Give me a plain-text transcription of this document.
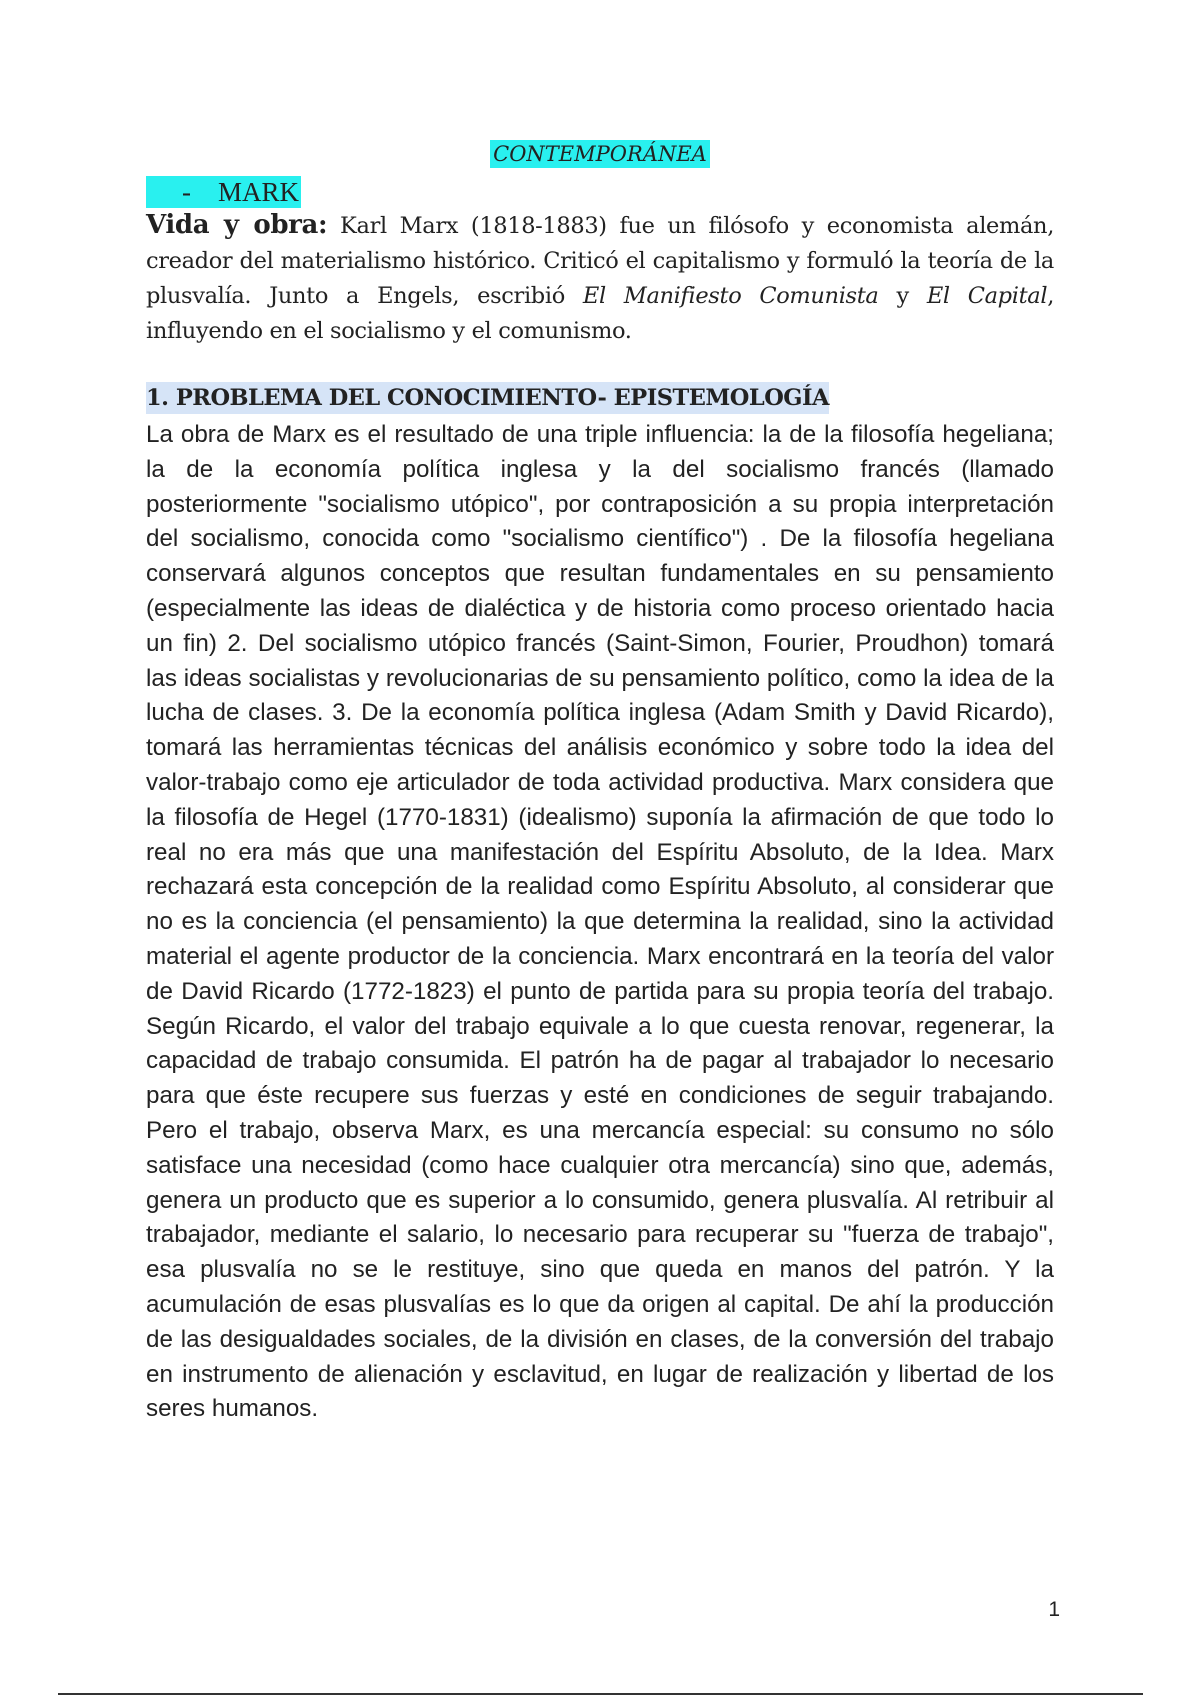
CONTEMPORÁNEA
- MARK

Vida y obra: Karl Marx (1818-1883) fue un filósofo y economista alemán, creador del materialismo histórico. Criticó el capitalismo y formuló la teoría de la plusvalía. Junto a Engels, escribió El Manifiesto Comunista y El Capital, influyendo en el socialismo y el comunismo.

1. PROBLEMA DEL CONOCIMIENTO- EPISTEMOLOGÍA

La obra de Marx es el resultado de una triple influencia: la de la filosofía hegeliana; la de la economía política inglesa y la del socialismo francés (llamado posteriormente "socialismo utópico", por contraposición a su propia interpretación del socialismo, conocida como "socialismo científico") . De la filosofía hegeliana conservará algunos conceptos que resultan fundamentales en su pensamiento (especialmente las ideas de dialéctica y de historia como proceso orientado hacia un fin) 2. Del socialismo utópico francés (Saint-Simon, Fourier, Proudhon) tomará las ideas socialistas y revolucionarias de su pensamiento político, como la idea de la lucha de clases. 3. De la economía política inglesa (Adam Smith y David Ricardo), tomará las herramientas técnicas del análisis económico y sobre todo la idea del valor-trabajo como eje articulador de toda actividad productiva. Marx considera que la filosofía de Hegel (1770-1831) (idealismo) suponía la afirmación de que todo lo real no era más que una manifestación del Espíritu Absoluto, de la Idea. Marx rechazará esta concepción de la realidad como Espíritu Absoluto, al considerar que no es la conciencia (el pensamiento) la que determina la realidad, sino la actividad material el agente productor de la conciencia. Marx encontrará en la teoría del valor de David Ricardo (1772-1823) el punto de partida para su propia teoría del trabajo. Según Ricardo, el valor del trabajo equivale a lo que cuesta renovar, regenerar, la capacidad de trabajo consumida. El patrón ha de pagar al trabajador lo necesario para que éste recupere sus fuerzas y esté en condiciones de seguir trabajando. Pero el trabajo, observa Marx, es una mercancía especial: su consumo no sólo satisface una necesidad (como hace cualquier otra mercancía) sino que, además, genera un producto que es superior a lo consumido, genera plusvalía. Al retribuir al trabajador, mediante el salario, lo necesario para recuperar su "fuerza de trabajo", esa plusvalía no se le restituye, sino que queda en manos del patrón. Y la acumulación de esas plusvalías es lo que da origen al capital. De ahí la producción de las desigualdades sociales, de la división en clases, de la conversión del trabajo en instrumento de alienación y esclavitud, en lugar de realización y libertad de los seres humanos.

1
